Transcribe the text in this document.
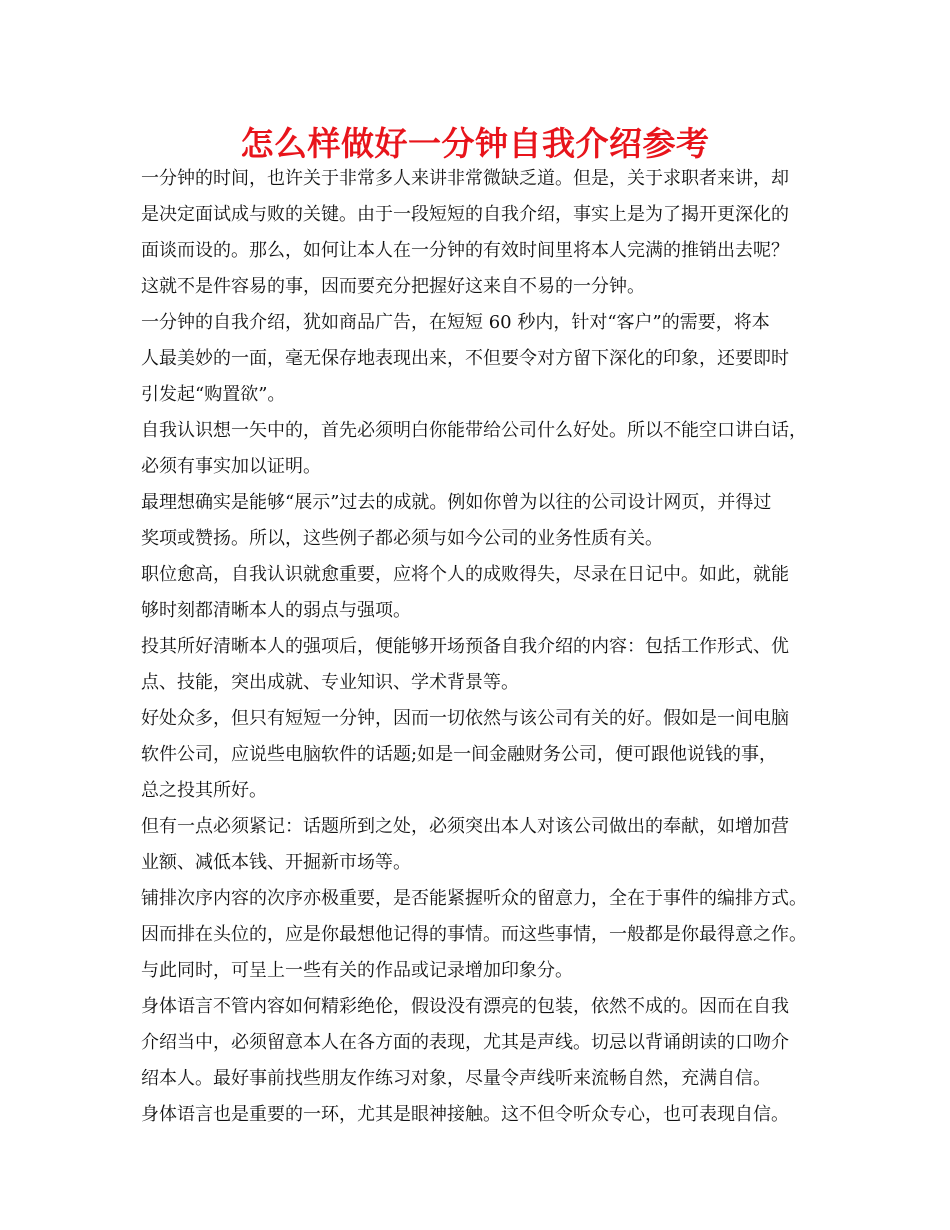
怎么样做好一分钟自我介绍参考
一分钟的时间，也许关于非常多人来讲非常微缺乏道。但是，关于求职者来讲，却
是决定面试成与败的关键。由于一段短短的自我介绍，事实上是为了揭开更深化的
面谈而设的。那么，如何让本人在一分钟的有效时间里将本人完满的推销出去呢？
这就不是件容易的事，因而要充分把握好这来自不易的一分钟。
一分钟的自我介绍，犹如商品广告，在短短 60 秒内，针对“客户”的需要，将本
人最美妙的一面，毫无保存地表现出来，不但要令对方留下深化的印象，还要即时
引发起“购置欲”。
自我认识想一矢中的，首先必须明白你能带给公司什么好处。所以不能空口讲白话，
必须有事实加以证明。
最理想确实是能够“展示”过去的成就。例如你曾为以往的公司设计网页，并得过
奖项或赞扬。所以，这些例子都必须与如今公司的业务性质有关。
职位愈高，自我认识就愈重要，应将个人的成败得失，尽录在日记中。如此，就能
够时刻都清晰本人的弱点与强项。
投其所好清晰本人的强项后，便能够开场预备自我介绍的内容：包括工作形式、优
点、技能，突出成就、专业知识、学术背景等。
好处众多，但只有短短一分钟，因而一切依然与该公司有关的好。假如是一间电脑
软件公司，应说些电脑软件的话题;如是一间金融财务公司，便可跟他说钱的事，
总之投其所好。
但有一点必须紧记：话题所到之处，必须突出本人对该公司做出的奉献，如增加营
业额、减低本钱、开掘新市场等。
铺排次序内容的次序亦极重要，是否能紧握听众的留意力，全在于事件的编排方式。
因而排在头位的，应是你最想他记得的事情。而这些事情，一般都是你最得意之作。
与此同时，可呈上一些有关的作品或记录增加印象分。
身体语言不管内容如何精彩绝伦，假设没有漂亮的包装，依然不成的。因而在自我
介绍当中，必须留意本人在各方面的表现，尤其是声线。切忌以背诵朗读的口吻介
绍本人。最好事前找些朋友作练习对象，尽量令声线听来流畅自然，充满自信。
身体语言也是重要的一环，尤其是眼神接触。这不但令听众专心，也可表现自信。
